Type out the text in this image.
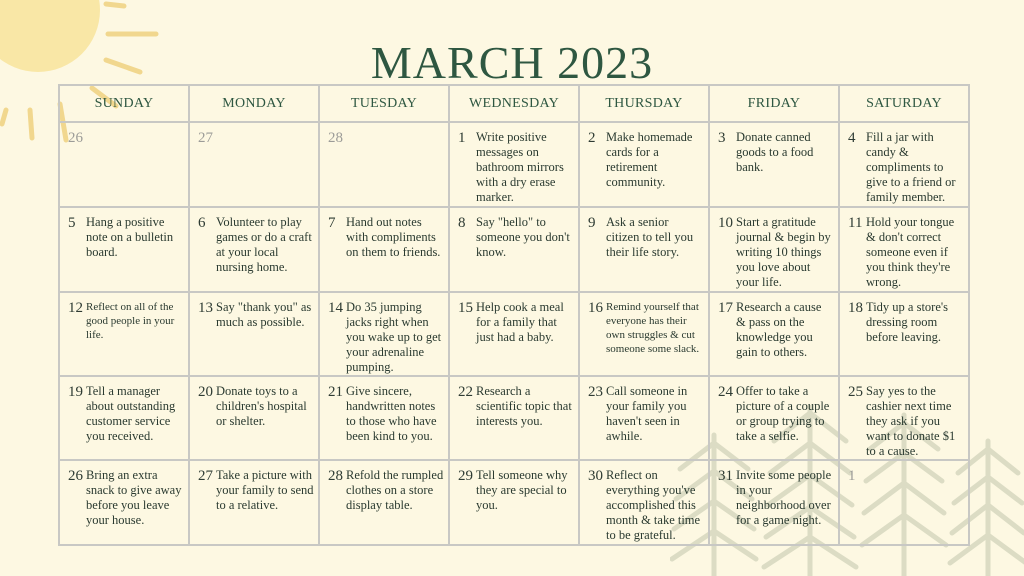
MARCH 2023
SUNDAY	MONDAY	TUESDAY	WEDNESDAY	THURSDAY	FRIDAY	SATURDAY

26	27	28	1 Write positive messages on bathroom mirrors with a dry erase marker.	2 Make homemade cards for a retirement community.	3 Donate canned goods to a food bank.	4 Fill a jar with candy & compliments to give to a friend or family member.

5 Hang a positive note on a bulletin board.	6 Volunteer to play games or do a craft at your local nursing home.	7 Hand out notes with compliments on them to friends.	8 Say "hello" to someone you don't know.	9 Ask a senior citizen to tell you their life story.	10 Start a gratitude journal & begin by writing 10 things you love about your life.	11 Hold your tongue & don't correct someone even if you think they're wrong.

12 Reflect on all of the good people in your life.	13 Say "thank you" as much as possible.	14 Do 35 jumping jacks right when you wake up to get your adrenaline pumping.	15 Help cook a meal for a family that just had a baby.	16 Remind yourself that everyone has their own struggles & cut someone some slack.	17 Research a cause & pass on the knowledge you gain to others.	18 Tidy up a store's dressing room before leaving.

19 Tell a manager about outstanding customer service you received.	20 Donate toys to a children's hospital or shelter.	21 Give sincere, handwritten notes to those who have been kind to you.	22 Research a scientific topic that interests you.	23 Call someone in your family you haven't seen in awhile.	24 Offer to take a picture of a couple or group trying to take a selfie.	25 Say yes to the cashier next time they ask if you want to donate $1 to a cause.

26 Bring an extra snack to give away before you leave your house.	27 Take a picture with your family to send to a relative.	28 Refold the rumpled clothes on a store display table.	29 Tell someone why they are special to you.	30 Reflect on everything you've accomplished this month & take time to be grateful.	31 Invite some people in your neighborhood over for a game night.	1
